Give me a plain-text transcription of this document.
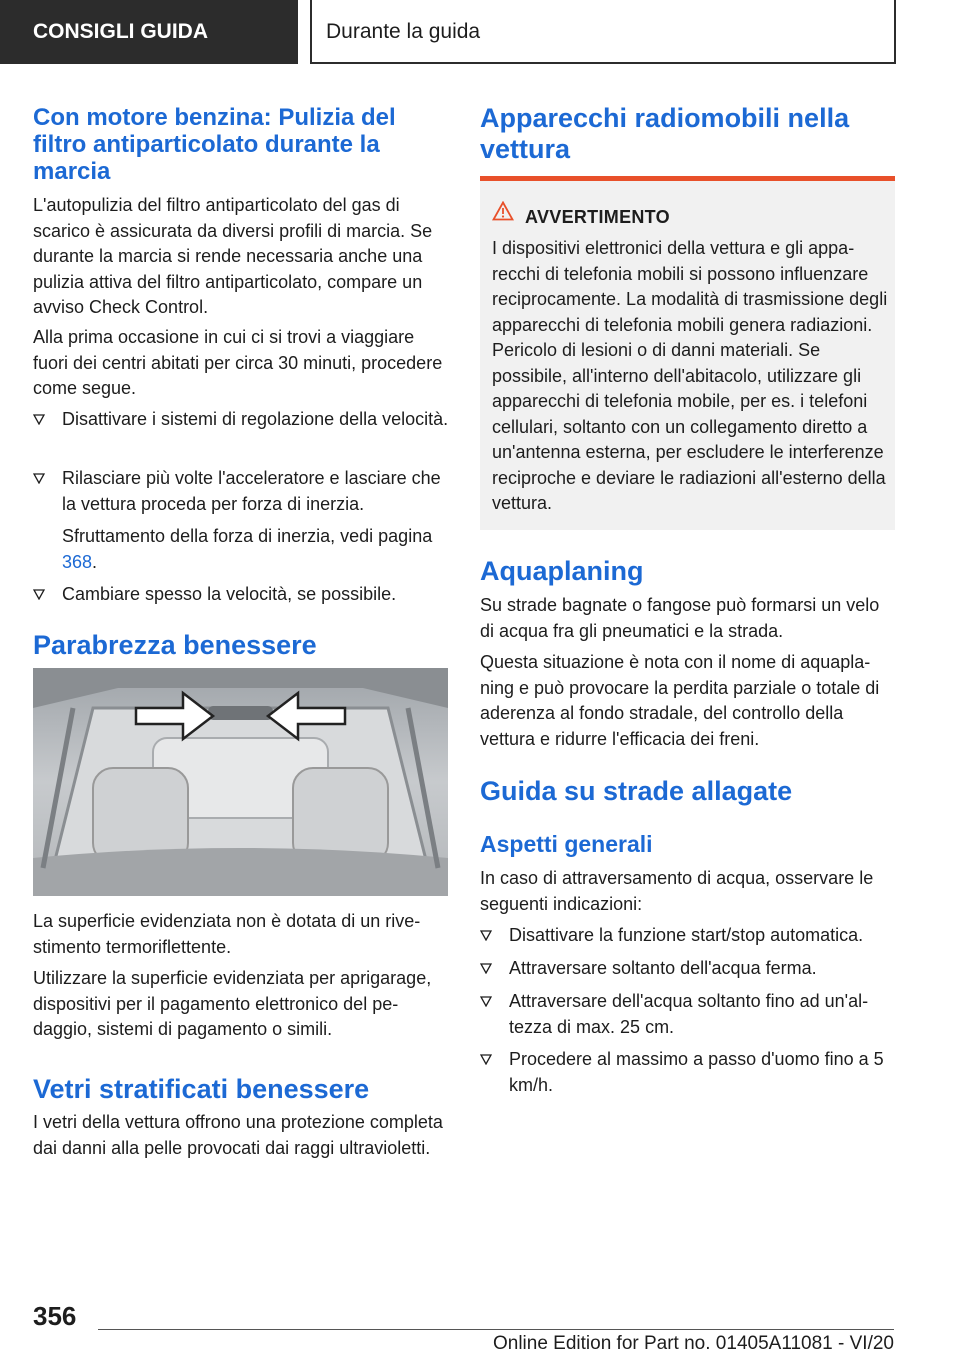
CONSIGLI GUIDA	Durante la guida
Con motore benzina: Pulizia del filtro antiparticolato durante la marcia
L'autopulizia del filtro antiparticolato del gas di scarico è assicurata da diversi profili di marcia. Se durante la marcia si rende necessaria anche una pulizia attiva del filtro antiparticolato, compare un avviso Check Control.
Alla prima occasione in cui ci si trovi a viaggiare fuori dei centri abitati per circa 30 minuti, procedere come segue.
Disattivare i sistemi di regolazione della velocità.
Rilasciare più volte l'acceleratore e lasciare che la vettura proceda per forza di inerzia.
Sfruttamento della forza di inerzia, vedi pagina 368.
Cambiare spesso la velocità, se possibile.
Parabrezza benessere
La superficie evidenziata non è dotata di un rivestimento termoriflettente.
Utilizzare la superficie evidenziata per aprigarage, dispositivi per il pagamento elettronico del pedaggio, sistemi di pagamento o simili.
Vetri stratificati benessere
I vetri della vettura offrono una protezione completa dai danni alla pelle provocati dai raggi ultravioletti.
Apparecchi radiomobili nella vettura
AVVERTIMENTO
I dispositivi elettronici della vettura e gli apparecchi di telefonia mobili si possono influenzare reciprocamente. La modalità di trasmissione degli apparecchi di telefonia mobili genera radiazioni. Pericolo di lesioni o di danni materiali. Se possibile, all'interno dell'abitacolo, utilizzare gli apparecchi di telefonia mobile, per es. i telefoni cellulari, soltanto con un collegamento diretto a un'antenna esterna, per escludere le interferenze reciproche e deviare le radiazioni all'esterno della vettura.
Aquaplaning
Su strade bagnate o fangose può formarsi un velo di acqua fra gli pneumatici e la strada.
Questa situazione è nota con il nome di aquaplaning e può provocare la perdita parziale o totale di aderenza al fondo stradale, del controllo della vettura e ridurre l'efficacia dei freni.
Guida su strade allagate
Aspetti generali
In caso di attraversamento di acqua, osservare le seguenti indicazioni:
Disattivare la funzione start/stop automatica.
Attraversare soltanto dell'acqua ferma.
Attraversare dell'acqua soltanto fino ad un'altezza di max. 25 cm.
Procedere al massimo a passo d'uomo fino a 5 km/h.
356
Online Edition for Part no. 01405A11081 - VI/20
